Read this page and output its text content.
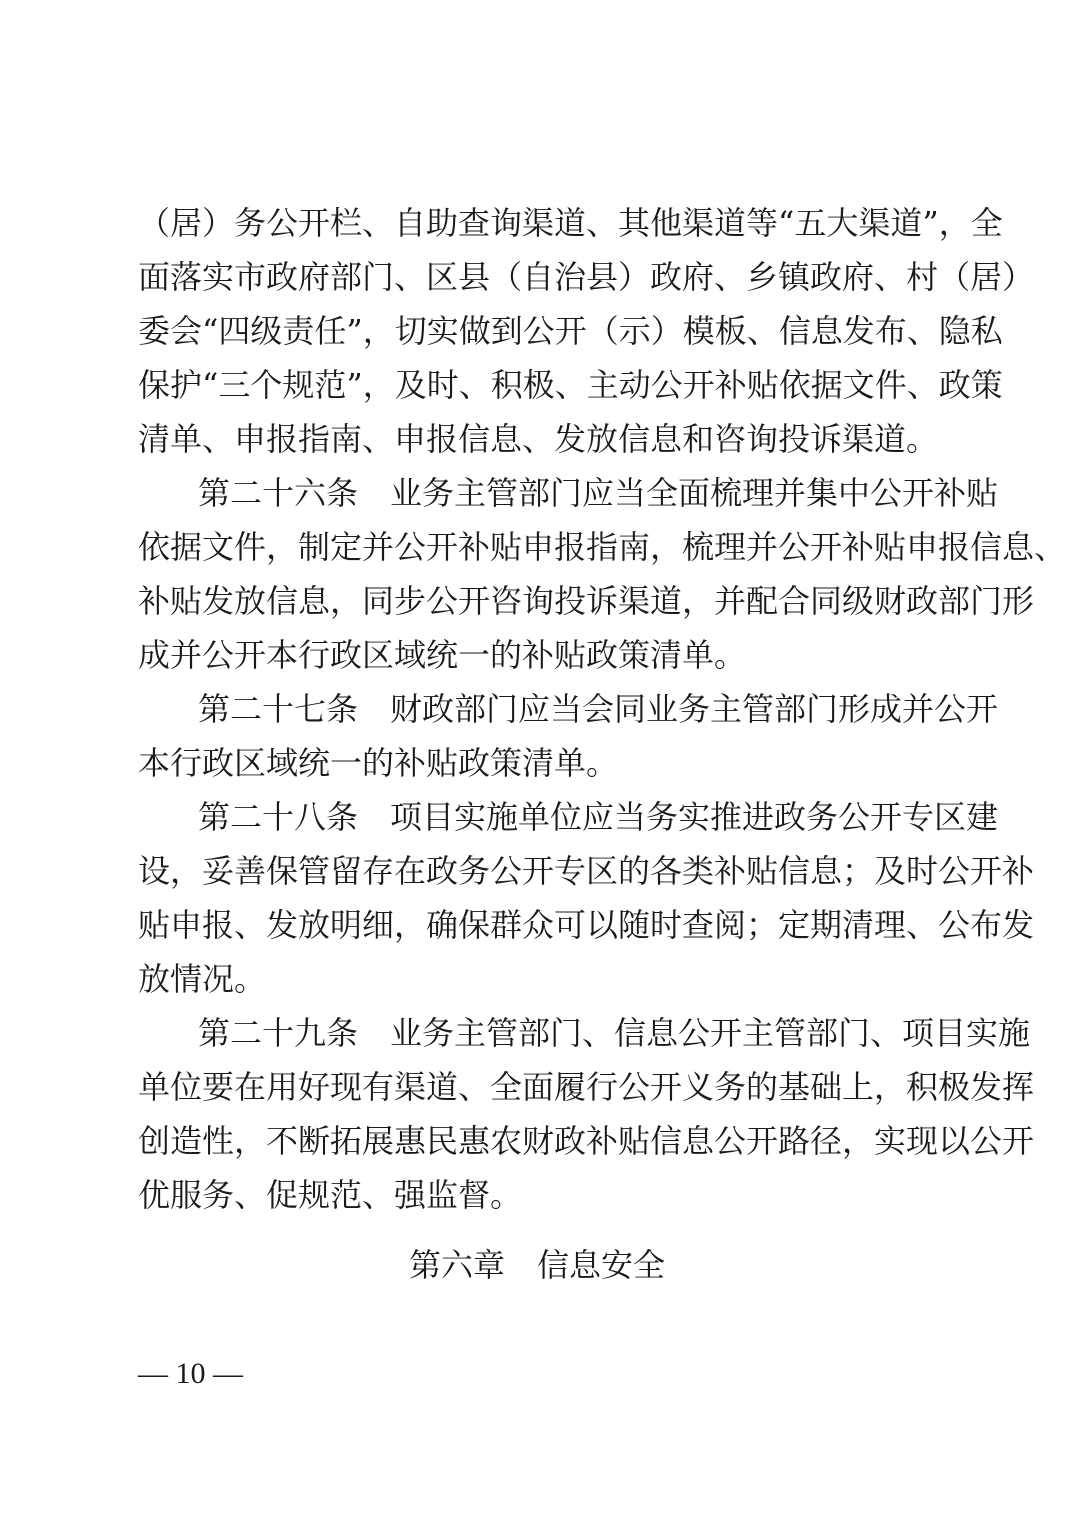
（居）务公开栏、自助查询渠道、其他渠道等“五大渠道”，全
面落实市政府部门、区县（自治县）政府、乡镇政府、村（居）
委会“四级责任”，切实做到公开（示）模板、信息发布、隐私
保护“三个规范”，及时、积极、主动公开补贴依据文件、政策
清单、申报指南、申报信息、发放信息和咨询投诉渠道。
第二十六条 业务主管部门应当全面梳理并集中公开补贴
依据文件，制定并公开补贴申报指南，梳理并公开补贴申报信息、
补贴发放信息，同步公开咨询投诉渠道，并配合同级财政部门形
成并公开本行政区域统一的补贴政策清单。
第二十七条 财政部门应当会同业务主管部门形成并公开
本行政区域统一的补贴政策清单。
第二十八条 项目实施单位应当务实推进政务公开专区建
设，妥善保管留存在政务公开专区的各类补贴信息；及时公开补
贴申报、发放明细，确保群众可以随时查阅；定期清理、公布发
放情况。
第二十九条 业务主管部门、信息公开主管部门、项目实施
单位要在用好现有渠道、全面履行公开义务的基础上，积极发挥
创造性，不断拓展惠民惠农财政补贴信息公开路径，实现以公开
优服务、促规范、强监督。
第六章 信息安全
— 10 —
